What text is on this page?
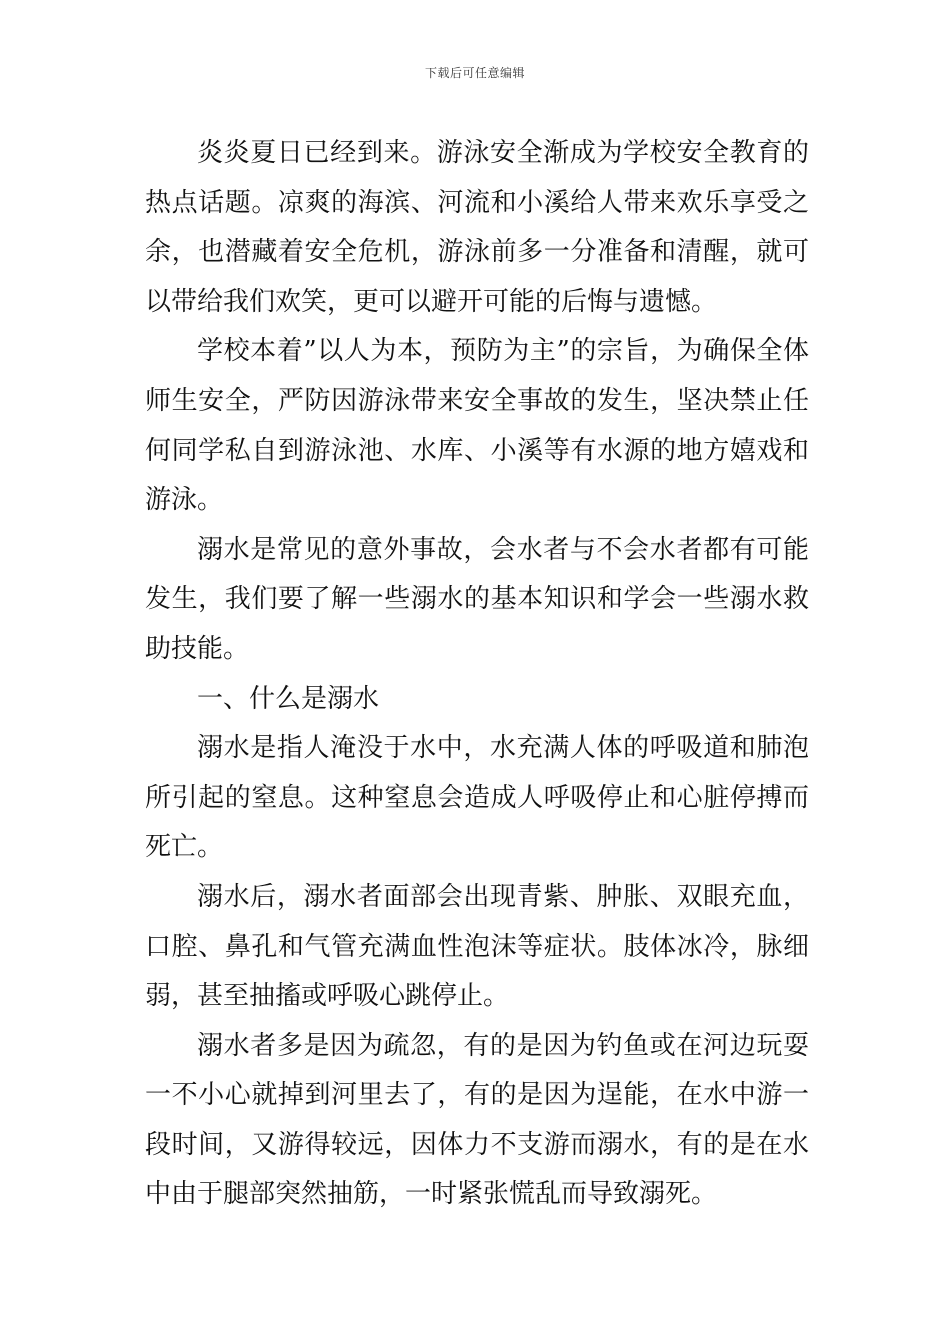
下载后可任意编辑

炎炎夏日已经到来。游泳安全渐成为学校安全教育的热点话题。凉爽的海滨、河流和小溪给人带来欢乐享受之余，也潜藏着安全危机，游泳前多一分准备和清醒，就可以带给我们欢笑，更可以避开可能的后悔与遗憾。

学校本着”以人为本，预防为主”的宗旨，为确保全体师生安全，严防因游泳带来安全事故的发生，坚决禁止任何同学私自到游泳池、水库、小溪等有水源的地方嬉戏和游泳。

溺水是常见的意外事故，会水者与不会水者都有可能发生，我们要了解一些溺水的基本知识和学会一些溺水救助技能。

一、什么是溺水

溺水是指人淹没于水中，水充满人体的呼吸道和肺泡所引起的窒息。这种窒息会造成人呼吸停止和心脏停搏而死亡。

溺水后，溺水者面部会出现青紫、肿胀、双眼充血，口腔、鼻孔和气管充满血性泡沫等症状。肢体冰冷，脉细弱，甚至抽搐或呼吸心跳停止。

溺水者多是因为疏忽，有的是因为钓鱼或在河边玩耍一不小心就掉到河里去了，有的是因为逞能，在水中游一段时间，又游得较远，因体力不支游而溺水，有的是在水中由于腿部突然抽筋，一时紧张慌乱而导致溺死。
